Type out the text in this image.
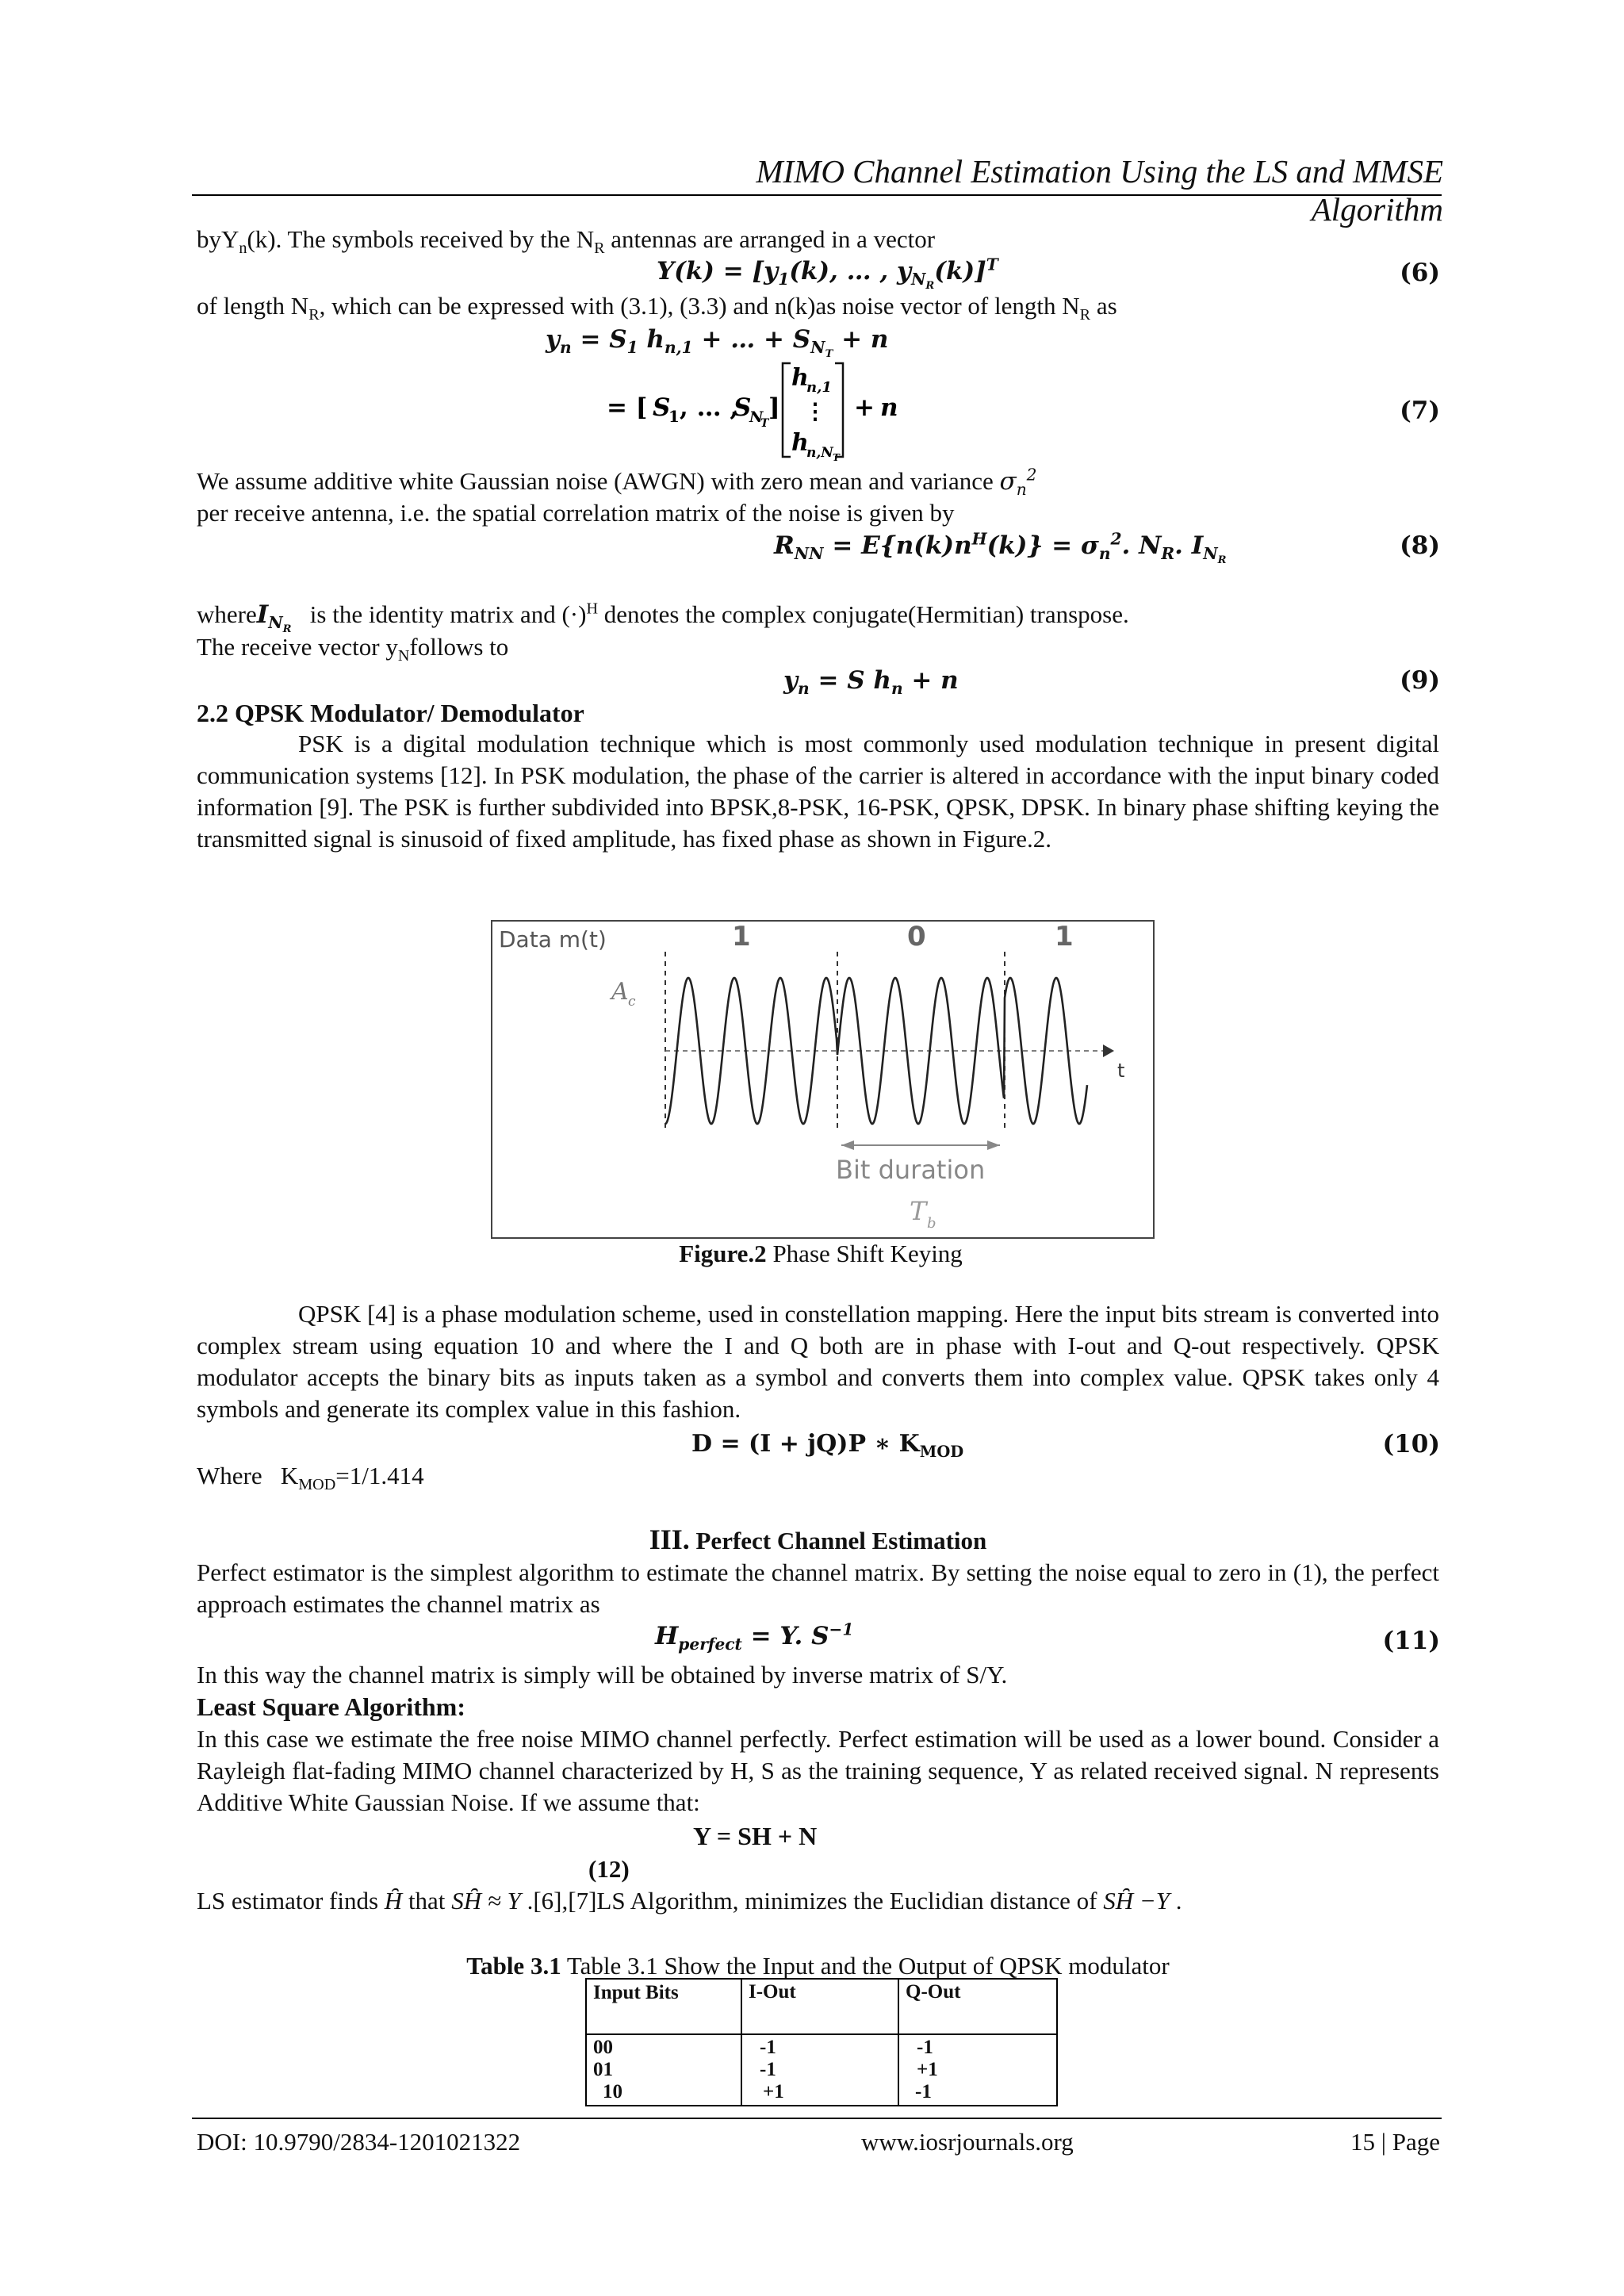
MIMO Channel Estimation Using the LS and MMSE Algorithm
byY$_n$(k). The symbols received by the $N_R$ antennas are arranged in a vector
$Y(k) = [y_1(k)$, … , $y_{N_R}(k)]^T$	(6)
of length $N_R$, which can be expressed with (3.1), (3.3) and n(k)as noise vector of length $N_R$ as
$y_n = S_1$ $h_{n,1}$ + … + $S_{N_T} + n$
= [ S
1 , … ,
S
N
T
]
h
n,1
⋮
h
n,N T
+ n	(7)
We assume additive white Gaussian noise (AWGN) with zero mean and variance $\sigma_n^2$
per receive antenna, i.e. the spatial correlation matrix of the noise is given by
$R_{NN} = E\{n(k)n^H(k)\} = \sigma_n^2$. $N_R$. $I_{N_R}$
(8)
whereI$_{N_R}$   is the identity matrix and $(\cdot)^H$ denotes the complex conjugate(Hermitian) transpose.
The receive vector $y_Nfollows$ to
$y_n = S$ $h_n + n$	(9)
2.2 QPSK Modulator/ Demodulator
PSK is a digital modulation technique which is most commonly used modulation technique in present digital communication systems [12]. In PSK modulation, the phase of the carrier is altered in accordance with the input binary coded information [9]. The PSK is further subdivided into BPSK,8-PSK, 16-PSK, QPSK, DPSK. In binary phase shifting keying the transmitted signal is sinusoid of fixed amplitude, has fixed phase as shown in Figure.2.
Data m(t)	1	0	1
A c
t
Bit duration
T b
Figure.2 Phase Shift Keying
QPSK [4] is a phase modulation scheme, used in constellation mapping. Here the input bits stream is converted into complex stream using equation 10 and where the I and Q both are in phase with I-out and Q-out respectively. QPSK modulator accepts the binary bits as inputs taken as a symbol and converts them into complex value. QPSK takes only 4 symbols and generate its complex value in this fashion.
D = (I + jQ)P ∗ $K_{MOD}$	(10)
Where   $K_{MOD}=1/1.414$
III. Perfect Channel Estimation
Perfect estimator is the simplest algorithm to estimate the channel matrix. By setting the noise equal to zero in (1), the perfect approach estimates the channel matrix as
$H_{perfect} = Y$. $S^{-1}$	(11)
In this way the channel matrix is simply will be obtained by inverse matrix of S/Y.
Least Square Algorithm:
In this case we estimate the free noise MIMO channel perfectly. Perfect estimation will be used as a lower bound. Consider a Rayleigh flat-fading MIMO channel characterized by H, S as the training sequence, Y as related received signal. N represents Additive White Gaussian Noise. If we assume that:
Y = SH + N
(12)
LS estimator finds H̑ that SH̑ ≈ Y .[6],[7]LS Algorithm, minimizes the Euclidian distance of SH̑ −Y .
Table 3.1 Table 3.1 Show the Input and the Output of QPSK modulator
Input Bits	I-Out	Q-Out
00	-1	-1
01	-1	+1
10	+1	-1
DOI: 10.9790/2834-1201021322	www.iosrjournals.org	15 | Page
